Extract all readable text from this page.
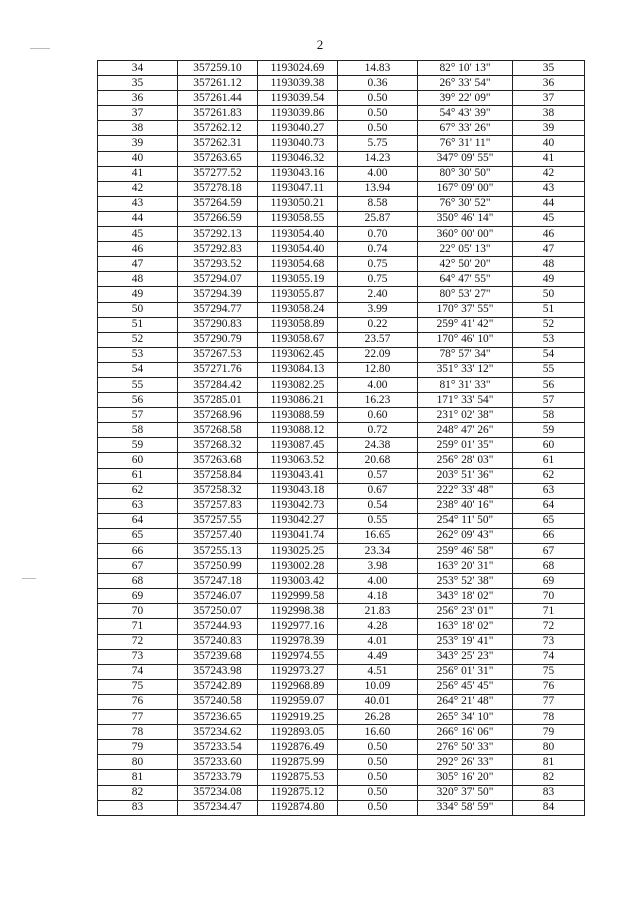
2
34	357259.10	1193024.69	14.83	82° 10' 13"	35
35	357261.12	1193039.38	0.36	26° 33' 54"	36
36	357261.44	1193039.54	0.50	39° 22' 09"	37
37	357261.83	1193039.86	0.50	54° 43' 39"	38
38	357262.12	1193040.27	0.50	67° 33' 26"	39
39	357262.31	1193040.73	5.75	76° 31' 11"	40
40	357263.65	1193046.32	14.23	347° 09' 55"	41
41	357277.52	1193043.16	4.00	80° 30' 50"	42
42	357278.18	1193047.11	13.94	167° 09' 00"	43
43	357264.59	1193050.21	8.58	76° 30' 52"	44
44	357266.59	1193058.55	25.87	350° 46' 14"	45
45	357292.13	1193054.40	0.70	360° 00' 00"	46
46	357292.83	1193054.40	0.74	22° 05' 13"	47
47	357293.52	1193054.68	0.75	42° 50' 20"	48
48	357294.07	1193055.19	0.75	64° 47' 55"	49
49	357294.39	1193055.87	2.40	80° 53' 27"	50
50	357294.77	1193058.24	3.99	170° 37' 55"	51
51	357290.83	1193058.89	0.22	259° 41' 42"	52
52	357290.79	1193058.67	23.57	170° 46' 10"	53
53	357267.53	1193062.45	22.09	78° 57' 34"	54
54	357271.76	1193084.13	12.80	351° 33' 12"	55
55	357284.42	1193082.25	4.00	81° 31' 33"	56
56	357285.01	1193086.21	16.23	171° 33' 54"	57
57	357268.96	1193088.59	0.60	231° 02' 38"	58
58	357268.58	1193088.12	0.72	248° 47' 26"	59
59	357268.32	1193087.45	24.38	259° 01' 35"	60
60	357263.68	1193063.52	20.68	256° 28' 03"	61
61	357258.84	1193043.41	0.57	203° 51' 36"	62
62	357258.32	1193043.18	0.67	222° 33' 48"	63
63	357257.83	1193042.73	0.54	238° 40' 16"	64
64	357257.55	1193042.27	0.55	254° 11' 50"	65
65	357257.40	1193041.74	16.65	262° 09' 43"	66
66	357255.13	1193025.25	23.34	259° 46' 58"	67
67	357250.99	1193002.28	3.98	163° 20' 31"	68
68	357247.18	1193003.42	4.00	253° 52' 38"	69
69	357246.07	1192999.58	4.18	343° 18' 02"	70
70	357250.07	1192998.38	21.83	256° 23' 01"	71
71	357244.93	1192977.16	4.28	163° 18' 02"	72
72	357240.83	1192978.39	4.01	253° 19' 41"	73
73	357239.68	1192974.55	4.49	343° 25' 23"	74
74	357243.98	1192973.27	4.51	256° 01' 31"	75
75	357242.89	1192968.89	10.09	256° 45' 45"	76
76	357240.58	1192959.07	40.01	264° 21' 48"	77
77	357236.65	1192919.25	26.28	265° 34' 10"	78
78	357234.62	1192893.05	16.60	266° 16' 06"	79
79	357233.54	1192876.49	0.50	276° 50' 33"	80
80	357233.60	1192875.99	0.50	292° 26' 33"	81
81	357233.79	1192875.53	0.50	305° 16' 20"	82
82	357234.08	1192875.12	0.50	320° 37' 50"	83
83	357234.47	1192874.80	0.50	334° 58' 59"	84
